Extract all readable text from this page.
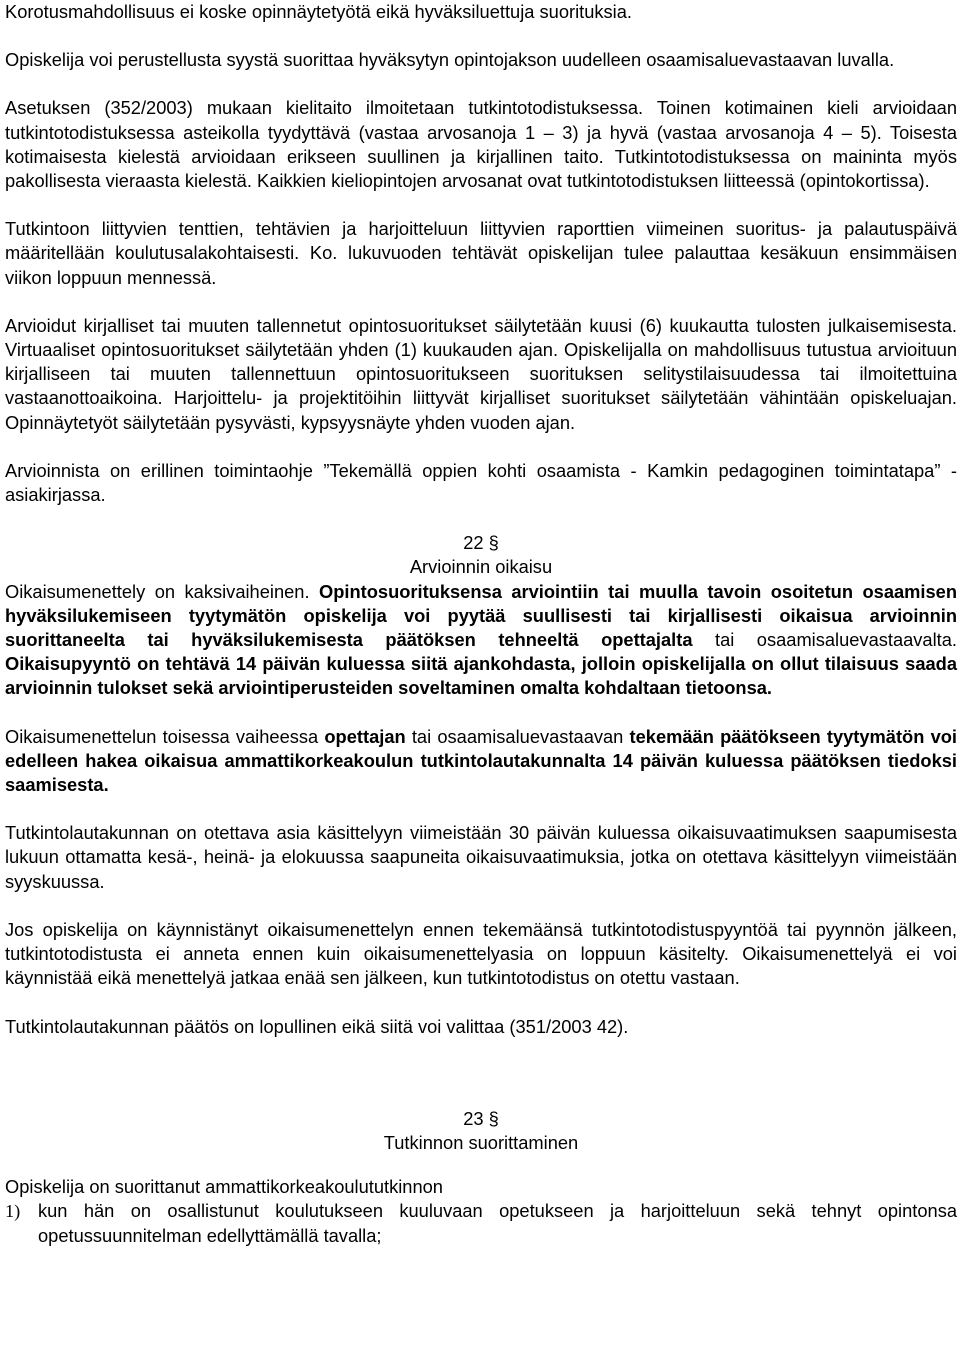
Korotusmahdollisuus ei koske opinnäytetyötä eikä hyväksiluettuja suorituksia.

Opiskelija voi perustellusta syystä suorittaa hyväksytyn opintojakson uudelleen osaamisaluevastaavan luvalla.

Asetuksen (352/2003) mukaan kielitaito ilmoitetaan tutkintotodistuksessa. Toinen kotimainen kieli arvioidaan tutkintotodistuksessa asteikolla tyydyttävä (vastaa arvosanoja 1 – 3) ja hyvä (vastaa arvosanoja 4 – 5). Toisesta kotimaisesta kielestä arvioidaan erikseen suullinen ja kirjallinen taito. Tutkintotodistuksessa on maininta myös pakollisesta vieraasta kielestä. Kaikkien kieliopintojen arvosanat ovat tutkintotodistuksen liitteessä (opintokortissa).

Tutkintoon liittyvien tenttien, tehtävien ja harjoitteluun liittyvien raporttien viimeinen suoritus- ja palautuspäivä määritellään koulutusalakohtaisesti. Ko. lukuvuoden tehtävät opiskelijan tulee palauttaa kesäkuun ensimmäisen viikon loppuun mennessä.

Arvioidut kirjalliset tai muuten tallennetut opintosuoritukset säilytetään kuusi (6) kuukautta tulosten julkaisemisesta. Virtuaaliset opintosuoritukset säilytetään yhden (1) kuukauden ajan. Opiskelijalla on mahdollisuus tutustua arvioituun kirjalliseen tai muuten tallennettuun opintosuoritukseen suorituksen selitystilaisuudessa tai ilmoitettuina vastaanottoaikoina. Harjoittelu- ja projektitöihin liittyvät kirjalliset suoritukset säilytetään vähintään opiskeluajan. Opinnäytetyöt säilytetään pysyvästi, kypsyysnäyte yhden vuoden ajan.

Arvioinnista on erillinen toimintaohje ”Tekemällä oppien kohti osaamista - Kamkin pedagoginen toimintatapa” - asiakirjassa.

22 §

Arvioinnin oikaisu

Oikaisumenettely on kaksivaiheinen. Opintosuorituksensa arviointiin tai muulla tavoin osoitetun osaamisen hyväksilukemiseen tyytymätön opiskelija voi pyytää suullisesti tai kirjallisesti oikaisua arvioinnin suorittaneelta tai hyväksilukemisesta päätöksen tehneeltä opettajalta tai osaamisaluevastaavalta. Oikaisupyyntö on tehtävä 14 päivän kuluessa siitä ajankohdasta, jolloin opiskelijalla on ollut tilaisuus saada arvioinnin tulokset sekä arviointiperusteiden soveltaminen omalta kohdaltaan tietoonsa.

Oikaisumenettelun toisessa vaiheessa opettajan tai osaamisaluevastaavan tekemään päätökseen tyytymätön voi edelleen hakea oikaisua ammattikorkeakoulun tutkintolautakunnalta 14 päivän kuluessa päätöksen tiedoksi saamisesta.

Tutkintolautakunnan on otettava asia käsittelyyn viimeistään 30 päivän kuluessa oikaisuvaatimuksen saapumisesta lukuun ottamatta kesä-, heinä- ja elokuussa saapuneita oikaisuvaatimuksia, jotka on otettava käsittelyyn viimeistään syyskuussa.

Jos opiskelija on käynnistänyt oikaisumenettelyn ennen tekemäänsä tutkintotodistuspyyntöä tai pyynnön jälkeen, tutkintotodistusta ei anneta ennen kuin oikaisumenettelyasia on loppuun käsitelty. Oikaisumenettelyä ei voi käynnistää eikä menettelyä jatkaa enää sen jälkeen, kun tutkintotodistus on otettu vastaan.

Tutkintolautakunnan päätös on lopullinen eikä siitä voi valittaa (351/2003 42).

23 §

Tutkinnon suorittaminen

Opiskelija on suorittanut ammattikorkeakoulututkinnon

1) kun hän on osallistunut koulutukseen kuuluvaan opetukseen ja harjoitteluun sekä tehnyt opintonsa opetussuunnitelman edellyttämällä tavalla;
